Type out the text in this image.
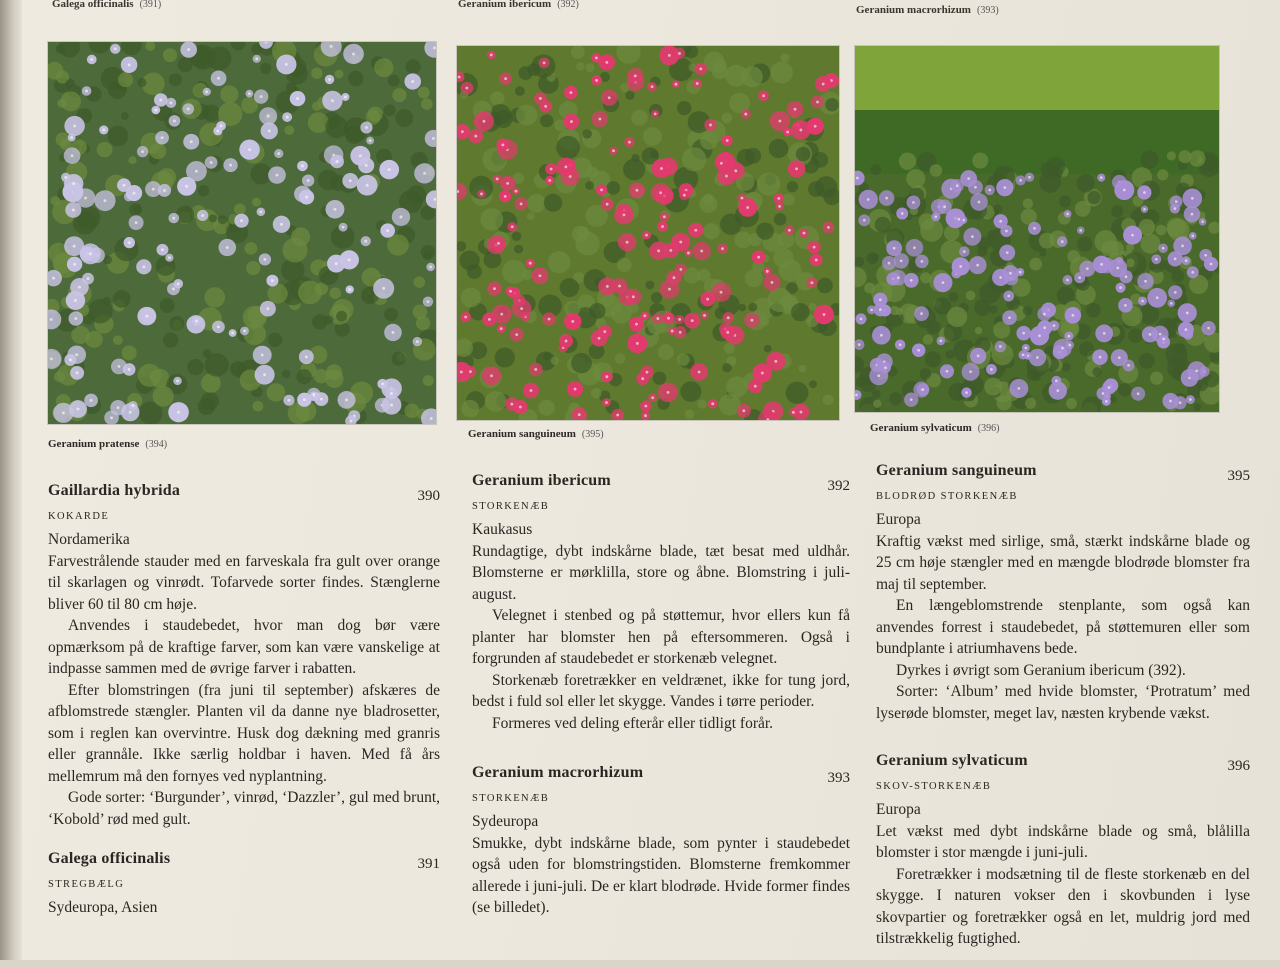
Galega officinalis (391)	Geranium ibericum (392)	Geranium macrorhizum (393)
Geranium pratense (394)
Geranium sanguineum (395)
Geranium sylvaticum (396)
Gaillardia hybrida	390
KOKARDE
Nordamerika

Farvestrålende stauder med en farveskala fra gult over orange til skarlagen og vinrødt. Tofarvede sorter findes. Stænglerne bliver 60 til 80 cm høje.

Anvendes i staudebedet, hvor man dog bør være opmærksom på de kraftige farver, som kan være vanskelige at indpasse sammen med de øvrige farver i rabatten.

Efter blomstringen (fra juni til september) afskæres de afblomstrede stængler. Planten vil da danne nye bladrosetter, som i reglen kan overvintre. Husk dog dækning med granris eller grannåle. Ikke særlig holdbar i haven. Med få års mellemrum må den fornyes ved nyplantning.

Gode sorter: ‘Burgunder’, vinrød, ‘Dazzler’, gul med brunt, ‘Kobold’ rød med gult.

Galega officinalis	391
STREGBÆLG
Sydeuropa, Asien
Geranium ibericum	392
STORKENÆB
Kaukasus

Rundagtige, dybt indskårne blade, tæt besat med uldhår. Blomsterne er mørklilla, store og åbne. Blomstring i juli-august.

Velegnet i stenbed og på støttemur, hvor ellers kun få planter har blomster hen på eftersommeren. Også i forgrunden af staudebedet er storkenæb velegnet.

Storkenæb foretrækker en veldrænet, ikke for tung jord, bedst i fuld sol eller let skygge. Vandes i tørre perioder.

Formeres ved deling efterår eller tidligt forår.

Geranium macrorhizum	393
STORKENÆB
Sydeuropa

Smukke, dybt indskårne blade, som pynter i staudebedet også uden for blomstringstiden. Blomsterne fremkommer allerede i juni-juli. De er klart blodrøde. Hvide former findes (se billedet).

Geranium sanguineum	395
BLODRØD STORKENÆB
Europa

Kraftig vækst med sirlige, små, stærkt indskårne blade og 25 cm høje stængler med en mængde blodrøde blomster fra maj til september.

En længeblomstrende stenplante, som også kan anvendes forrest i staudebedet, på støttemuren eller som bundplante i atriumhavens bede.

Dyrkes i øvrigt som Geranium ibericum (392).

Sorter: ‘Album’ med hvide blomster, ‘Protratum’ med lyserøde blomster, meget lav, næsten krybende vækst.

Geranium sylvaticum	396
SKOV-STORKENÆB
Europa

Let vækst med dybt indskårne blade og små, blålilla blomster i stor mængde i juni-juli.

Foretrækker i modsætning til de fleste storkenæb en del skygge. I naturen vokser den i skovbunden i lyse skovpartier og foretrækker også en let, muldrig jord med tilstrækkelig fugtighed.
